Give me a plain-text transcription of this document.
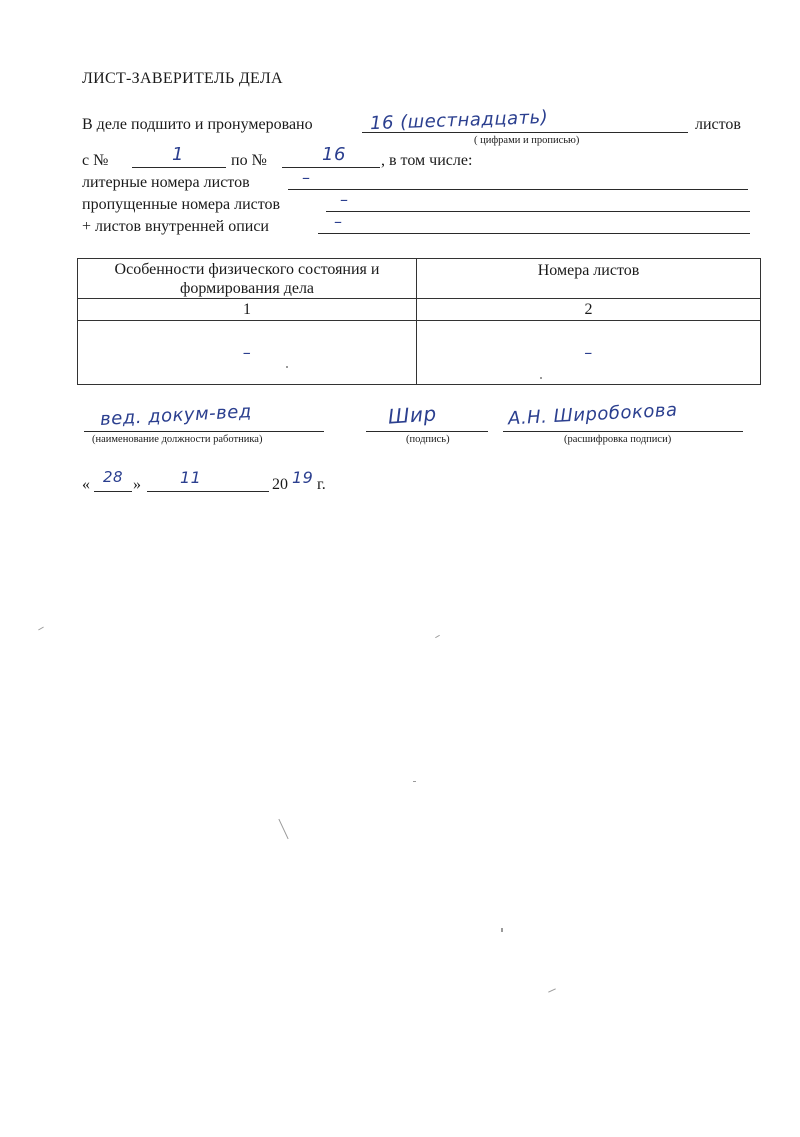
ЛИСТ-ЗАВЕРИТЕЛЬ ДЕЛА
В деле подшито и пронумеровано	16 (шестнадцать)	листов
( цифрами и прописью)
с №	1	по №	16 , в том числе:
литерные номера листов	–
пропущенные номера листов	–
+ листов внутренней описи	–
Особенности физического состояния и формирования дела	Номера листов
1	2
–	–
вед. докум-вед
(наименование должности работника)
Шир
(подпись)
А.Н. Широбокова
(расшифровка подписи)
« 28 » 11	20 19 г.
